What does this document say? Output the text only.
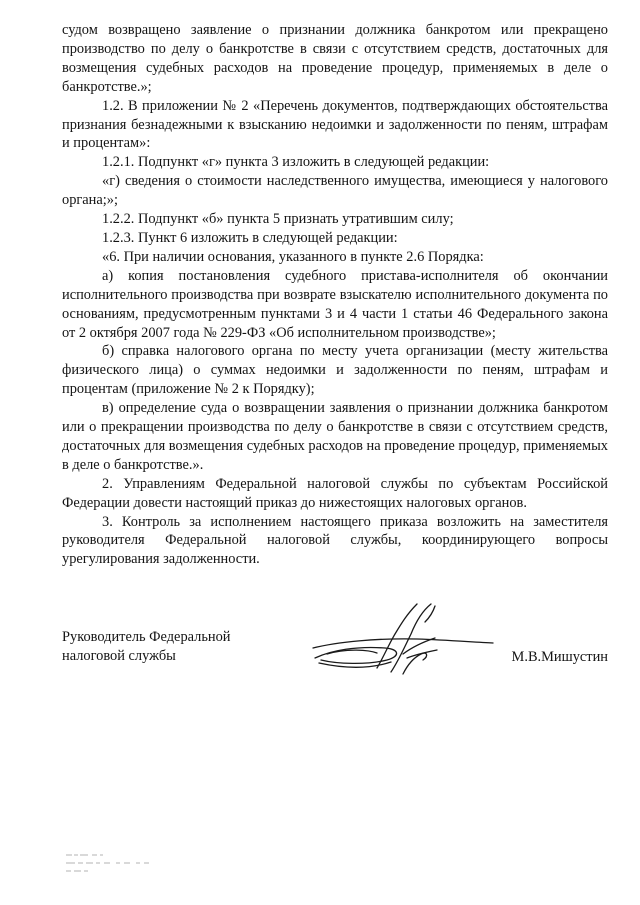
судом возвращено заявление о признании должника банкротом или прекращено производство по делу о банкротстве в связи с отсутствием средств, достаточных для возмещения судебных расходов на проведение процедур, применяемых в деле о банкротстве.»;

1.2. В приложении № 2 «Перечень документов, подтверждающих обстоятельства признания безнадежными к взысканию недоимки и задолженности по пеням, штрафам и процентам»:

1.2.1. Подпункт «г» пункта 3 изложить в следующей редакции:

«г) сведения о стоимости наследственного имущества, имеющиеся у налогового органа;»;

1.2.2. Подпункт «б» пункта 5 признать утратившим силу;

1.2.3. Пункт 6 изложить в следующей редакции:

«6. При наличии основания, указанного в пункте 2.6 Порядка:

а) копия постановления судебного пристава-исполнителя об окончании исполнительного производства при возврате взыскателю исполнительного документа по основаниям, предусмотренным пунктами 3 и 4 части 1 статьи 46 Федерального закона от 2 октября 2007 года № 229-ФЗ «Об исполнительном производстве»;

б) справка налогового органа по месту учета организации (месту жительства физического лица) о суммах недоимки и задолженности по пеням, штрафам и процентам (приложение № 2 к Порядку);

в) определение суда о возвращении заявления о признании должника банкротом или о прекращении производства по делу о банкротстве в связи с отсутствием средств, достаточных для возмещения судебных расходов на проведение процедур, применяемых в деле о банкротстве.».

2. Управлениям Федеральной налоговой службы по субъектам Российской Федерации довести настоящий приказ до нижестоящих налоговых органов.

3. Контроль за исполнением настоящего приказа возложить на заместителя руководителя Федеральной налоговой службы, координирующего вопросы урегулирования задолженности.

Руководитель Федеральной
налоговой службы	М.В.Мишустин
